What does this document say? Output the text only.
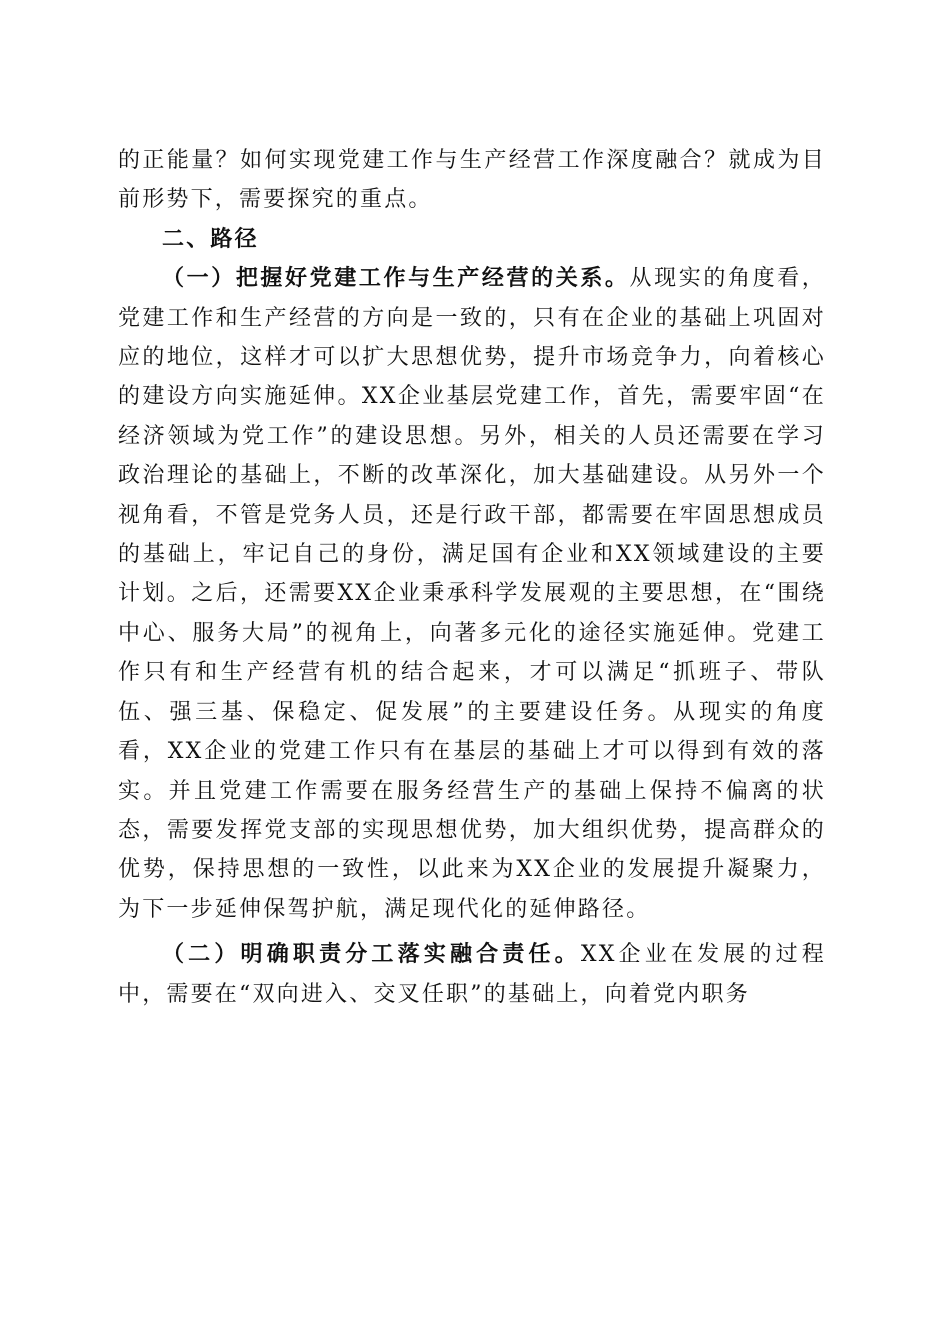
的正能量？如何实现党建工作与生产经营工作深度融合？就成为目前形势下，需要探究的重点。

二、路径

（一）把握好党建工作与生产经营的关系。从现实的角度看，党建工作和生产经营的方向是一致的，只有在企业的基础上巩固对应的地位，这样才可以扩大思想优势，提升市场竞争力，向着核心的建设方向实施延伸。XX企业基层党建工作，首先，需要牢固“在经济领域为党工作”的建设思想。另外，相关的人员还需要在学习政治理论的基础上，不断的改革深化，加大基础建设。从另外一个视角看，不管是党务人员，还是行政干部，都需要在牢固思想成员的基础上，牢记自己的身份，满足国有企业和XX领域建设的主要计划。之后，还需要XX企业秉承科学发展观的主要思想，在“围绕中心、服务大局”的视角上，向著多元化的途径实施延伸。党建工作只有和生产经营有机的结合起来，才可以满足“抓班子、带队伍、强三基、保稳定、促发展”的主要建设任务。从现实的角度看，XX企业的党建工作只有在基层的基础上才可以得到有效的落实。并且党建工作需要在服务经营生产的基础上保持不偏离的状态，需要发挥党支部的实现思想优势，加大组织优势，提高群众的优势，保持思想的一致性，以此来为XX企业的发展提升凝聚力，为下一步延伸保驾护航，满足现代化的延伸路径。

（二）明确职责分工落实融合责任。XX企业在发展的过程中，需要在“双向进入、交叉任职”的基础上，向着党内职务
